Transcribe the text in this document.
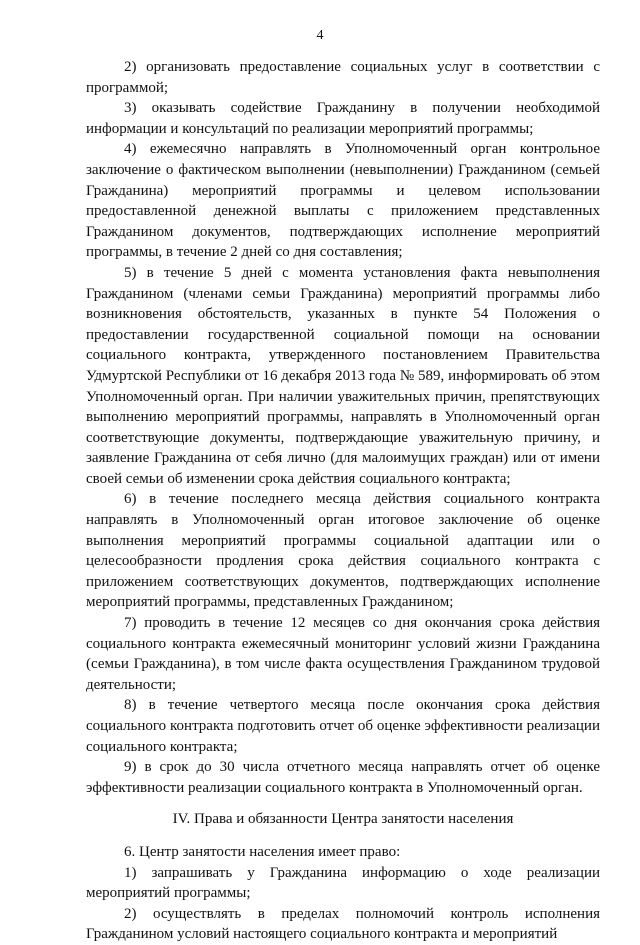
4

2) организовать предоставление социальных услуг в соответствии с программой;

3) оказывать содействие Гражданину в получении необходимой информации и консультаций по реализации мероприятий программы;

4) ежемесячно направлять в Уполномоченный орган контрольное заключение о фактическом выполнении (невыполнении) Гражданином (семьей Гражданина) мероприятий программы и целевом использовании предоставленной денежной выплаты с приложением представленных Гражданином документов, подтверждающих исполнение мероприятий программы, в течение 2 дней со дня составления;

5) в течение 5 дней с момента установления факта невыполнения Гражданином (членами семьи Гражданина) мероприятий программы либо возникновения обстоятельств, указанных в пункте 54 Положения о предоставлении государственной социальной помощи на основании социального контракта, утвержденного постановлением Правительства Удмуртской Республики от 16 декабря 2013 года № 589, информировать об этом Уполномоченный орган. При наличии уважительных причин, препятствующих выполнению мероприятий программы, направлять в Уполномоченный орган соответствующие документы, подтверждающие уважительную причину, и заявление Гражданина от себя лично (для малоимущих граждан) или от имени своей семьи об изменении срока действия социального контракта;

6) в течение последнего месяца действия социального контракта направлять в Уполномоченный орган итоговое заключение об оценке выполнения мероприятий программы социальной адаптации или о целесообразности продления срока действия социального контракта с приложением соответствующих документов, подтверждающих исполнение мероприятий программы, представленных Гражданином;

7) проводить в течение 12 месяцев со дня окончания срока действия социального контракта ежемесячный мониторинг условий жизни Гражданина (семьи Гражданина), в том числе факта осуществления Гражданином трудовой деятельности;

8) в течение четвертого месяца после окончания срока действия социального контракта подготовить отчет об оценке эффективности реализации социального контракта;

9) в срок до 30 числа отчетного месяца направлять отчет об оценке эффективности реализации социального контракта в Уполномоченный орган.

IV. Права и обязанности Центра занятости населения

6. Центр занятости населения имеет право:

1) запрашивать у Гражданина информацию о ходе реализации мероприятий программы;

2) осуществлять в пределах полномочий контроль исполнения Гражданином условий настоящего социального контракта и мероприятий
